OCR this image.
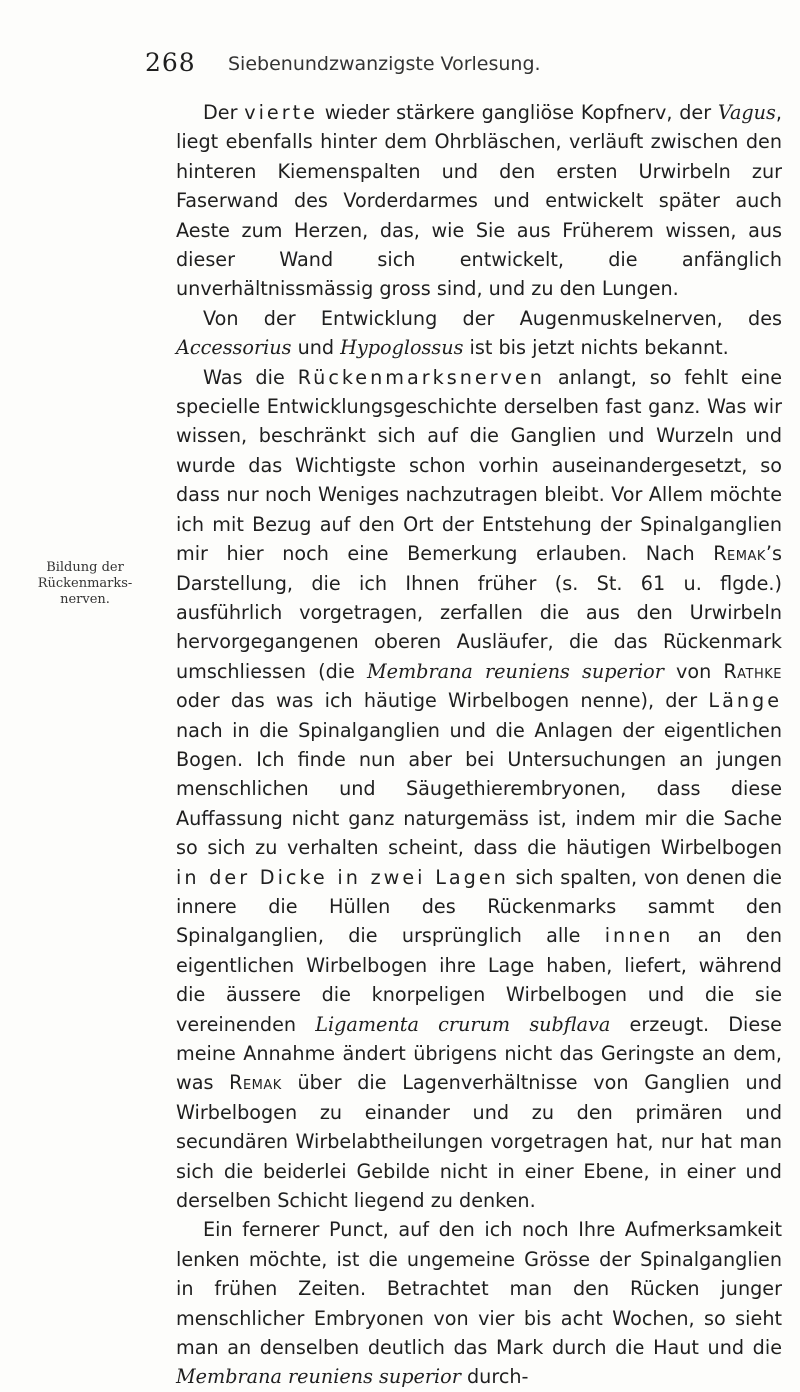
268 Siebenundzwanzigste Vorlesung.
Bildung der
Rückenmarks-
nerven.

Der vierte wieder stärkere gangliöse Kopfnerv, der Vagus, liegt ebenfalls hinter dem Ohrbläschen, verläuft zwischen den hinteren Kiemenspalten und den ersten Urwirbeln zur Faserwand des Vorderdarmes und entwickelt später auch Aeste zum Herzen, das, wie Sie aus Früherem wissen, aus dieser Wand sich entwickelt, die anfänglich unverhältnissmässig gross sind, und zu den Lungen.

Von der Entwicklung der Augenmuskelnerven, des Accessorius und Hypoglossus ist bis jetzt nichts bekannt.

Was die Rückenmarksnerven anlangt, so fehlt eine specielle Entwicklungsgeschichte derselben fast ganz. Was wir wissen, beschränkt sich auf die Ganglien und Wurzeln und wurde das Wichtigste schon vorhin auseinandergesetzt, so dass nur noch Weniges nachzutragen bleibt. Vor Allem möchte ich mit Bezug auf den Ort der Entstehung der Spinalganglien mir hier noch eine Bemerkung erlauben. Nach Remak’s Darstellung, die ich Ihnen früher (s. St. 61 u. flgde.) ausführlich vorgetragen, zerfallen die aus den Urwirbeln hervorgegangenen oberen Ausläufer, die das Rückenmark umschliessen (die Membrana reuniens superior von Rathke oder das was ich häutige Wirbelbogen nenne), der Länge nach in die Spinalganglien und die Anlagen der eigentlichen Bogen. Ich finde nun aber bei Untersuchungen an jungen menschlichen und Säugethierembryonen, dass diese Auffassung nicht ganz naturgemäss ist, indem mir die Sache so sich zu verhalten scheint, dass die häutigen Wirbelbogen in der Dicke in zwei Lagen sich spalten, von denen die innere die Hüllen des Rückenmarks sammt den Spinalganglien, die ursprünglich alle innen an den eigentlichen Wirbelbogen ihre Lage haben, liefert, während die äussere die knorpeligen Wirbelbogen und die sie vereinenden Ligamenta crurum subflava erzeugt. Diese meine Annahme ändert übrigens nicht das Geringste an dem, was Remak über die Lagenverhältnisse von Ganglien und Wirbelbogen zu einander und zu den primären und secundären Wirbelabtheilungen vorgetragen hat, nur hat man sich die beiderlei Gebilde nicht in einer Ebene, in einer und derselben Schicht liegend zu denken.

Ein fernerer Punct, auf den ich noch Ihre Aufmerksamkeit lenken möchte, ist die ungemeine Grösse der Spinalganglien in frühen Zeiten. Betrachtet man den Rücken junger menschlicher Embryonen von vier bis acht Wochen, so sieht man an denselben deutlich das Mark durch die Haut und die Membrana reuniens superior durch-
